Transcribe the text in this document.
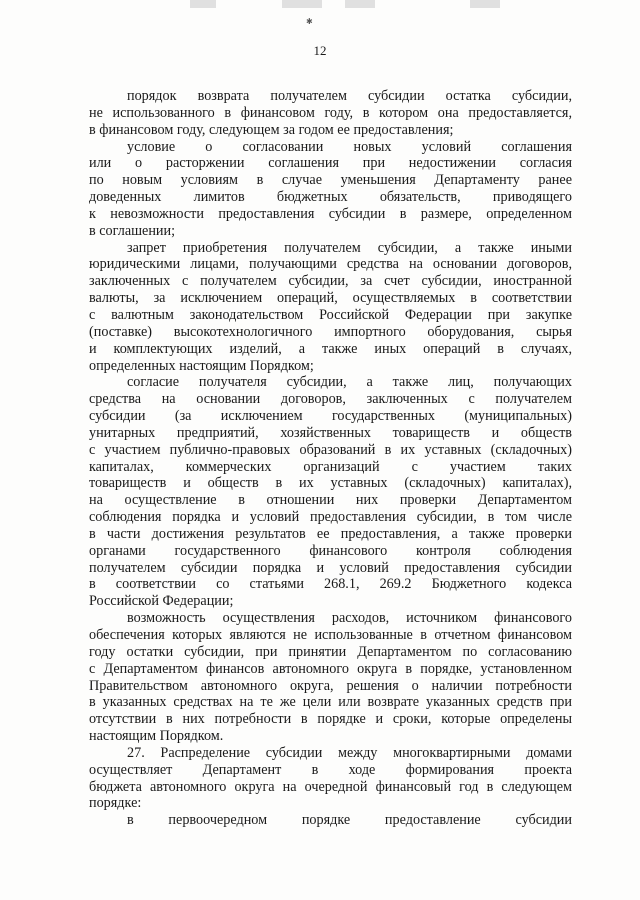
✱
12
порядок возврата получателем субсидии остатка субсидии,
не использованного в финансовом году, в котором она предоставляется,
в финансовом году, следующем за годом ее предоставления;
условие о согласовании новых условий соглашения
или о расторжении соглашения при недостижении согласия
по новым условиям в случае уменьшения Департаменту ранее
доведенных лимитов бюджетных обязательств, приводящего
к невозможности предоставления субсидии в размере, определенном
в соглашении;
запрет приобретения получателем субсидии, а также иными
юридическими лицами, получающими средства на основании договоров,
заключенных с получателем субсидии, за счет субсидии, иностранной
валюты, за исключением операций, осуществляемых в соответствии
с валютным законодательством Российской Федерации при закупке
(поставке) высокотехнологичного импортного оборудования, сырья
и комплектующих изделий, а также иных операций в случаях,
определенных настоящим Порядком;
согласие получателя субсидии, а также лиц, получающих
средства на основании договоров, заключенных с получателем
субсидии (за исключением государственных (муниципальных)
унитарных предприятий, хозяйственных товариществ и обществ
с участием публично-правовых образований в их уставных (складочных)
капиталах, коммерческих организаций с участием таких
товариществ и обществ в их уставных (складочных) капиталах),
на осуществление в отношении них проверки Департаментом
соблюдения порядка и условий предоставления субсидии, в том числе
в части достижения результатов ее предоставления, а также проверки
органами государственного финансового контроля соблюдения
получателем субсидии порядка и условий предоставления субсидии
в соответствии со статьями 268.1, 269.2 Бюджетного кодекса
Российской Федерации;
возможность осуществления расходов, источником финансового
обеспечения которых являются не использованные в отчетном финансовом
году остатки субсидии, при принятии Департаментом по согласованию
с Департаментом финансов автономного округа в порядке, установленном
Правительством автономного округа, решения о наличии потребности
в указанных средствах на те же цели или возврате указанных средств при
отсутствии в них потребности в порядке и сроки, которые определены
настоящим Порядком.
27. Распределение субсидии между многоквартирными домами
осуществляет Департамент в ходе формирования проекта
бюджета автономного округа на очередной финансовый год в следующем
порядке:
в первоочередном порядке предоставление субсидии
